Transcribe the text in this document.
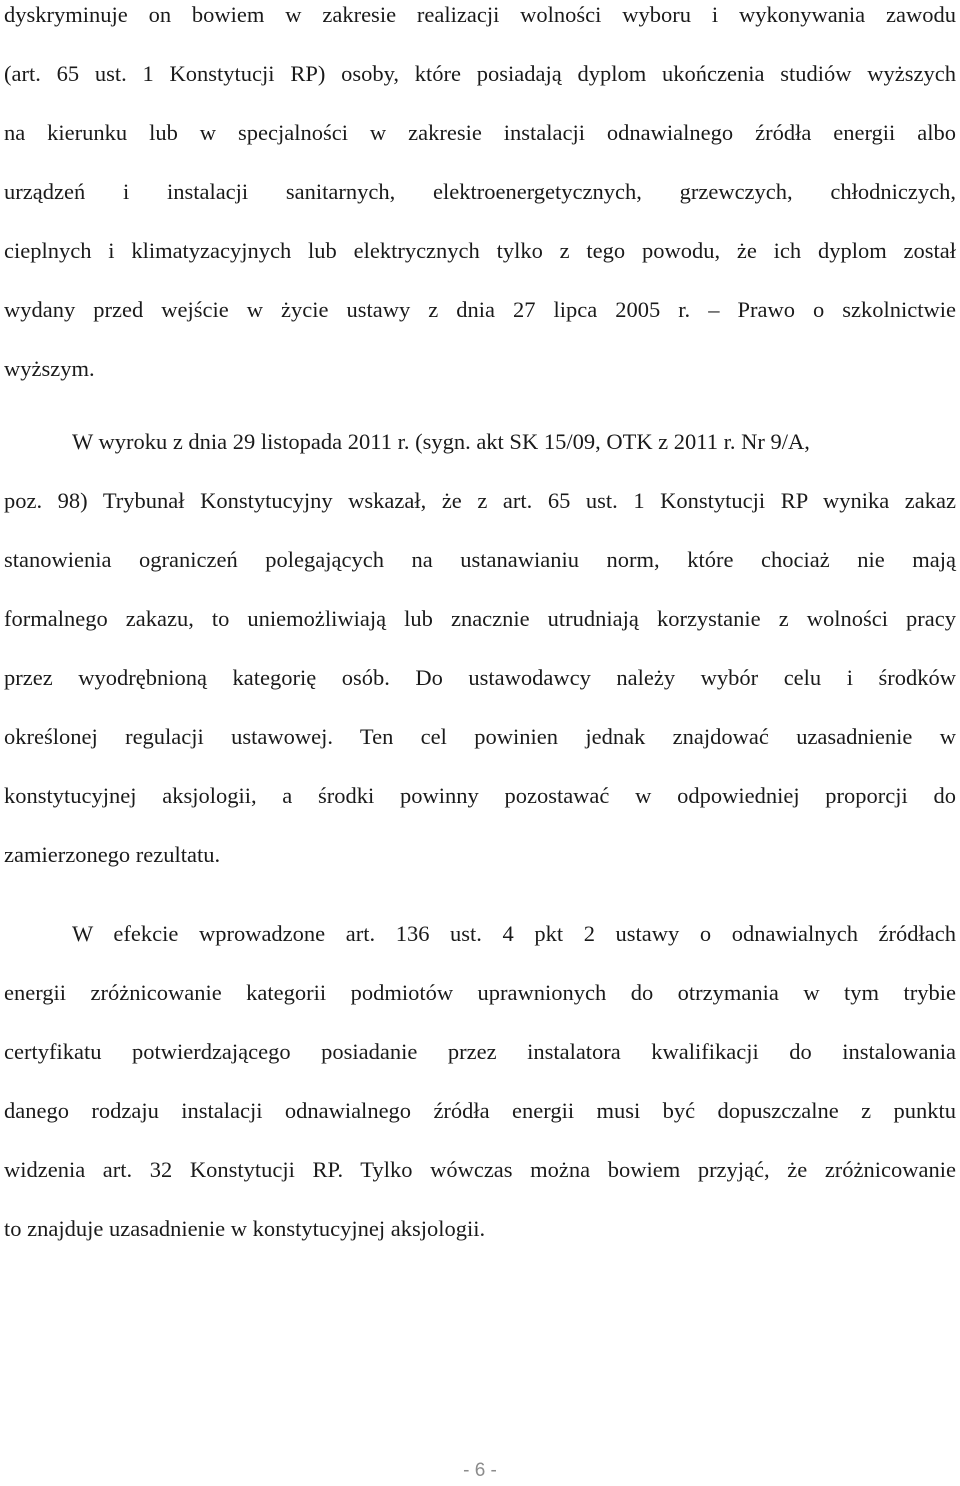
dyskryminuje on bowiem w zakresie realizacji wolności wyboru i wykonywania zawodu
(art. 65 ust. 1 Konstytucji RP) osoby, które posiadają dyplom ukończenia studiów wyższych
na kierunku lub w specjalności w zakresie instalacji odnawialnego źródła energii albo
urządzeń i instalacji sanitarnych, elektroenergetycznych, grzewczych, chłodniczych,
cieplnych i klimatyzacyjnych lub elektrycznych tylko z tego powodu, że ich dyplom został
wydany przed wejście w życie ustawy z dnia 27 lipca 2005 r. – Prawo o szkolnictwie
wyższym.
W wyroku z dnia 29 listopada 2011 r. (sygn. akt SK 15/09, OTK z 2011 r. Nr 9/A,
poz. 98) Trybunał Konstytucyjny wskazał, że z art. 65 ust. 1 Konstytucji RP wynika zakaz
stanowienia ograniczeń polegających na ustanawianiu norm, które chociaż nie mają
formalnego zakazu, to uniemożliwiają lub znacznie utrudniają korzystanie z wolności pracy
przez wyodrębnioną kategorię osób. Do ustawodawcy należy wybór celu i środków
określonej regulacji ustawowej. Ten cel powinien jednak znajdować uzasadnienie w
konstytucyjnej aksjologii, a środki powinny pozostawać w odpowiedniej proporcji do
zamierzonego rezultatu.
W efekcie wprowadzone art. 136 ust. 4 pkt 2 ustawy o odnawialnych źródłach
energii zróżnicowanie kategorii podmiotów uprawnionych do otrzymania w tym trybie
certyfikatu potwierdzającego posiadanie przez instalatora kwalifikacji do instalowania
danego rodzaju instalacji odnawialnego źródła energii musi być dopuszczalne z punktu
widzenia art. 32 Konstytucji RP. Tylko wówczas można bowiem przyjąć, że zróżnicowanie
to znajduje uzasadnienie w konstytucyjnej aksjologii.
- 6 -
